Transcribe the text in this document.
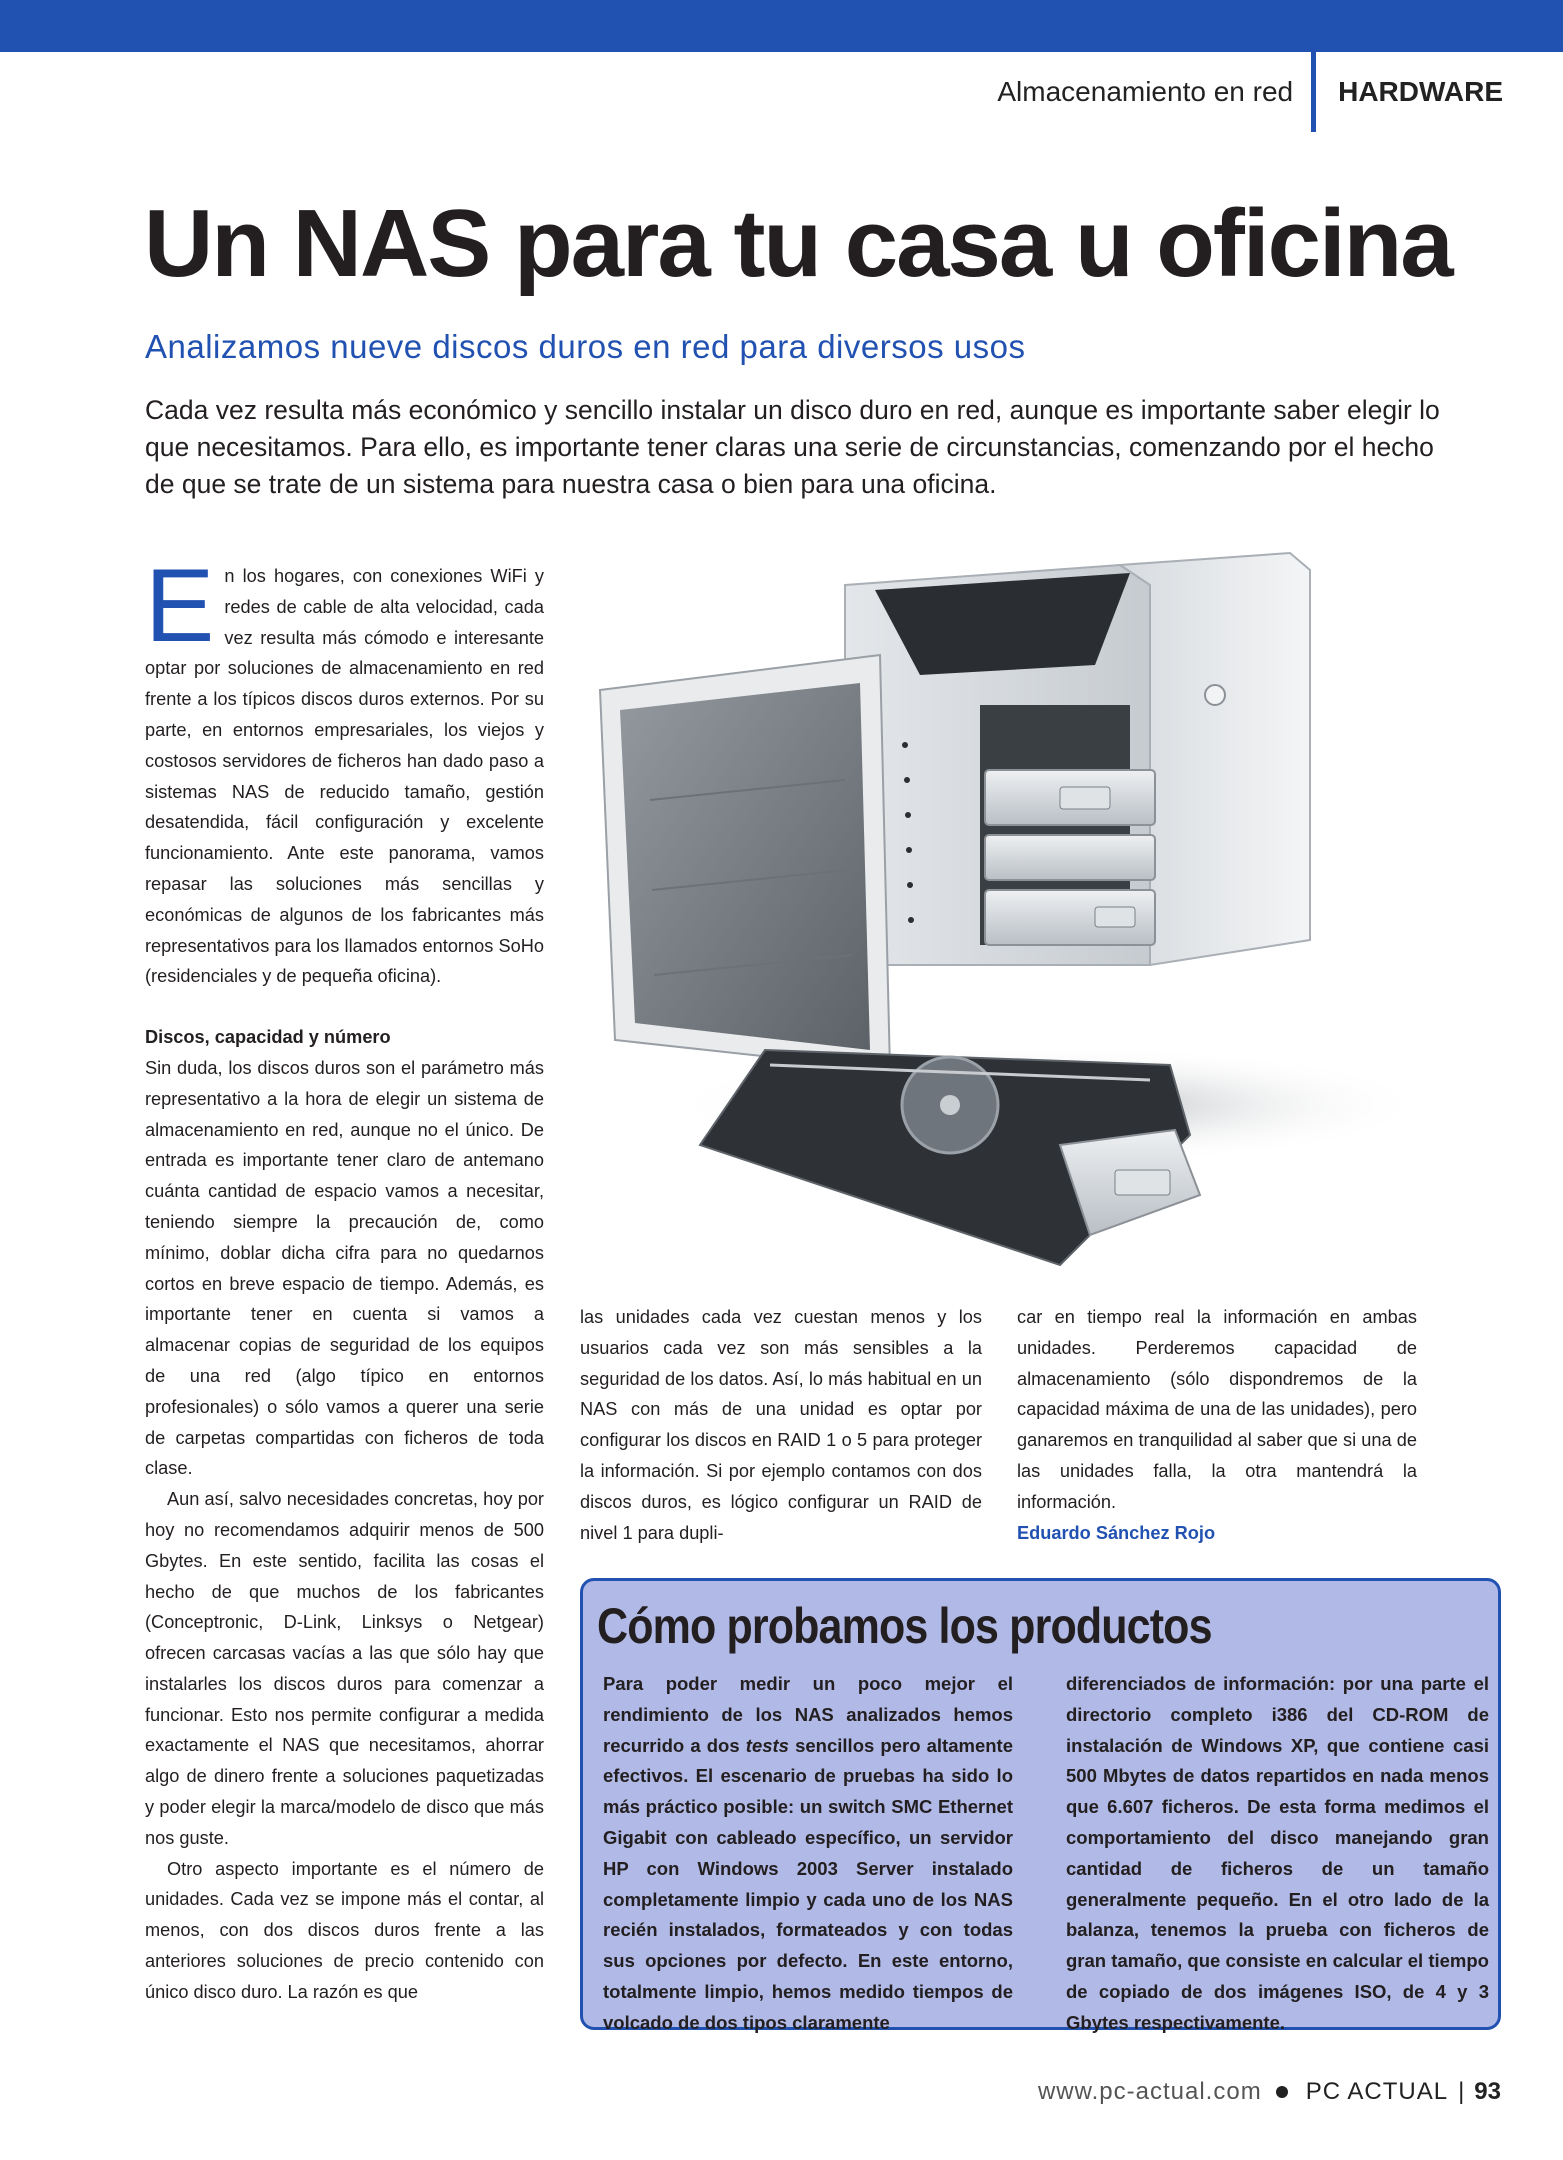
Almacenamiento en red HARDWARE
Un NAS para tu casa u oficina
Analizamos nueve discos duros en red para diversos usos
Cada vez resulta más económico y sencillo instalar un disco duro en red, aunque es importante saber elegir lo que necesitamos. Para ello, es importante tener claras una serie de circunstancias, comenzando por el hecho de que se trate de un sistema para nuestra casa o bien para una oficina.

En los hogares, con conexiones WiFi y redes de cable de alta velocidad, cada vez resulta más cómodo e interesante optar por soluciones de almacenamiento en red frente a los típicos discos duros externos. Por su parte, en entornos empresariales, los viejos y costosos servidores de ficheros han dado paso a sistemas NAS de reducido tamaño, gestión desatendida, fácil configuración y excelente funcionamiento. Ante este panorama, vamos repasar las soluciones más sencillas y económicas de algunos de los fabricantes más representativos para los llamados entornos SoHo (residenciales y de pequeña oficina).

Discos, capacidad y número

Sin duda, los discos duros son el parámetro más representativo a la hora de elegir un sistema de almacenamiento en red, aunque no el único. De entrada es importante tener claro de antemano cuánta cantidad de espacio vamos a necesitar, teniendo siempre la precaución de, como mínimo, doblar dicha cifra para no quedarnos cortos en breve espacio de tiempo. Además, es importante tener en cuenta si vamos a almacenar copias de seguridad de los equipos de una red (algo típico en entornos profesionales) o sólo vamos a querer una serie de carpetas compartidas con ficheros de toda clase.

Aun así, salvo necesidades concretas, hoy por hoy no recomendamos adquirir menos de 500 Gbytes. En este sentido, facilita las cosas el hecho de que muchos de los fabricantes (Conceptronic, D-Link, Linksys o Netgear) ofrecen carcasas vacías a las que sólo hay que instalarles los discos duros para comenzar a funcionar. Esto nos permite configurar a medida exactamente el NAS que necesitamos, ahorrar algo de dinero frente a soluciones paquetizadas y poder elegir la marca/modelo de disco que más nos guste.

Otro aspecto importante es el número de unidades. Cada vez se impone más el contar, al menos, con dos discos duros frente a las anteriores soluciones de precio contenido con único disco duro. La razón es que

las unidades cada vez cuestan menos y los usuarios cada vez son más sensibles a la seguridad de los datos. Así, lo más habitual en un NAS con más de una unidad es optar por configurar los discos en RAID 1 o 5 para proteger la información. Si por ejemplo contamos con dos discos duros, es lógico configurar un RAID de nivel 1 para dupli-

car en tiempo real la información en ambas unidades. Perderemos capacidad de almacenamiento (sólo dispondremos de la capacidad máxima de una de las unidades), pero ganaremos en tranquilidad al saber que si una de las unidades falla, la otra mantendrá la información.

Eduardo Sánchez Rojo

Cómo probamos los productos

Para poder medir un poco mejor el rendimiento de los NAS analizados hemos recurrido a dos tests sencillos pero altamente efectivos. El escenario de pruebas ha sido lo más práctico posible: un switch SMC Ethernet Gigabit con cableado específico, un servidor HP con Windows 2003 Server instalado completamente limpio y cada uno de los NAS recién instalados, formateados y con todas sus opciones por defecto. En este entorno, totalmente limpio, hemos medido tiempos de volcado de dos tipos claramente

diferenciados de información: por una parte el directorio completo i386 del CD-ROM de instalación de Windows XP, que contiene casi 500 Mbytes de datos repartidos en nada menos que 6.607 ficheros. De esta forma medimos el comportamiento del disco manejando gran cantidad de ficheros de un tamaño generalmente pequeño. En el otro lado de la balanza, tenemos la prueba con ficheros de gran tamaño, que consiste en calcular el tiempo de copiado de dos imágenes ISO, de 4 y 3 Gbytes respectivamente.

www.pc-actual.com PC ACTUAL | 93
